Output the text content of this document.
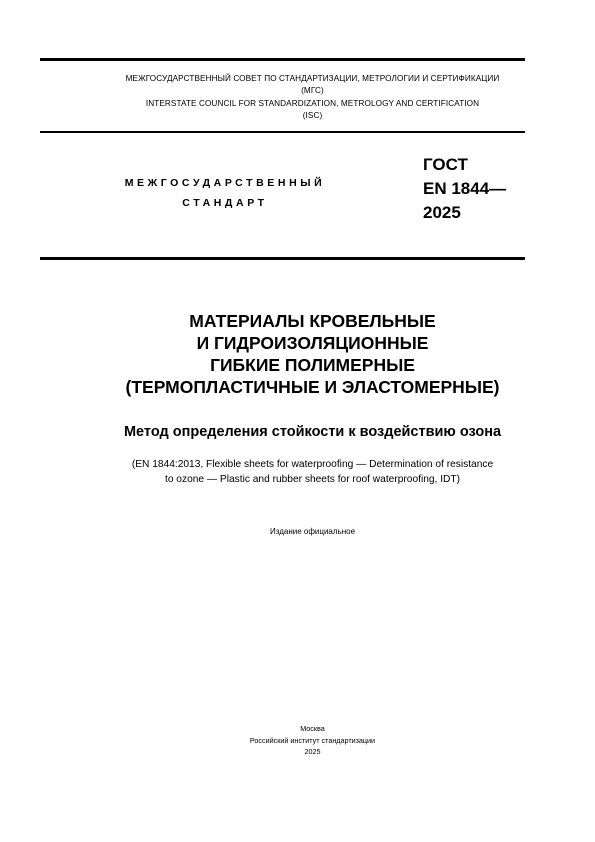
МЕЖГОСУДАРСТВЕННЫЙ СОВЕТ ПО СТАНДАРТИЗАЦИИ, МЕТРОЛОГИИ И СЕРТИФИКАЦИИ
(МГС)
INTERSTATE COUNCIL FOR STANDARDIZATION, METROLOGY AND CERTIFICATION
(ISC)
МЕЖГОСУДАРСТВЕННЫЙ
СТАНДАРТ
ГОСТ
EN 1844—
2025
МАТЕРИАЛЫ КРОВЕЛЬНЫЕ
И ГИДРОИЗОЛЯЦИОННЫЕ
ГИБКИЕ ПОЛИМЕРНЫЕ
(ТЕРМОПЛАСТИЧНЫЕ И ЭЛАСТОМЕРНЫЕ)
Метод определения стойкости к воздействию озона
(EN 1844:2013, Flexible sheets for waterproofing — Determination of resistance
to ozone — Plastic and rubber sheets for roof waterproofing, IDT)
Издание официальное
Москва
Российский институт стандартизации
2025
